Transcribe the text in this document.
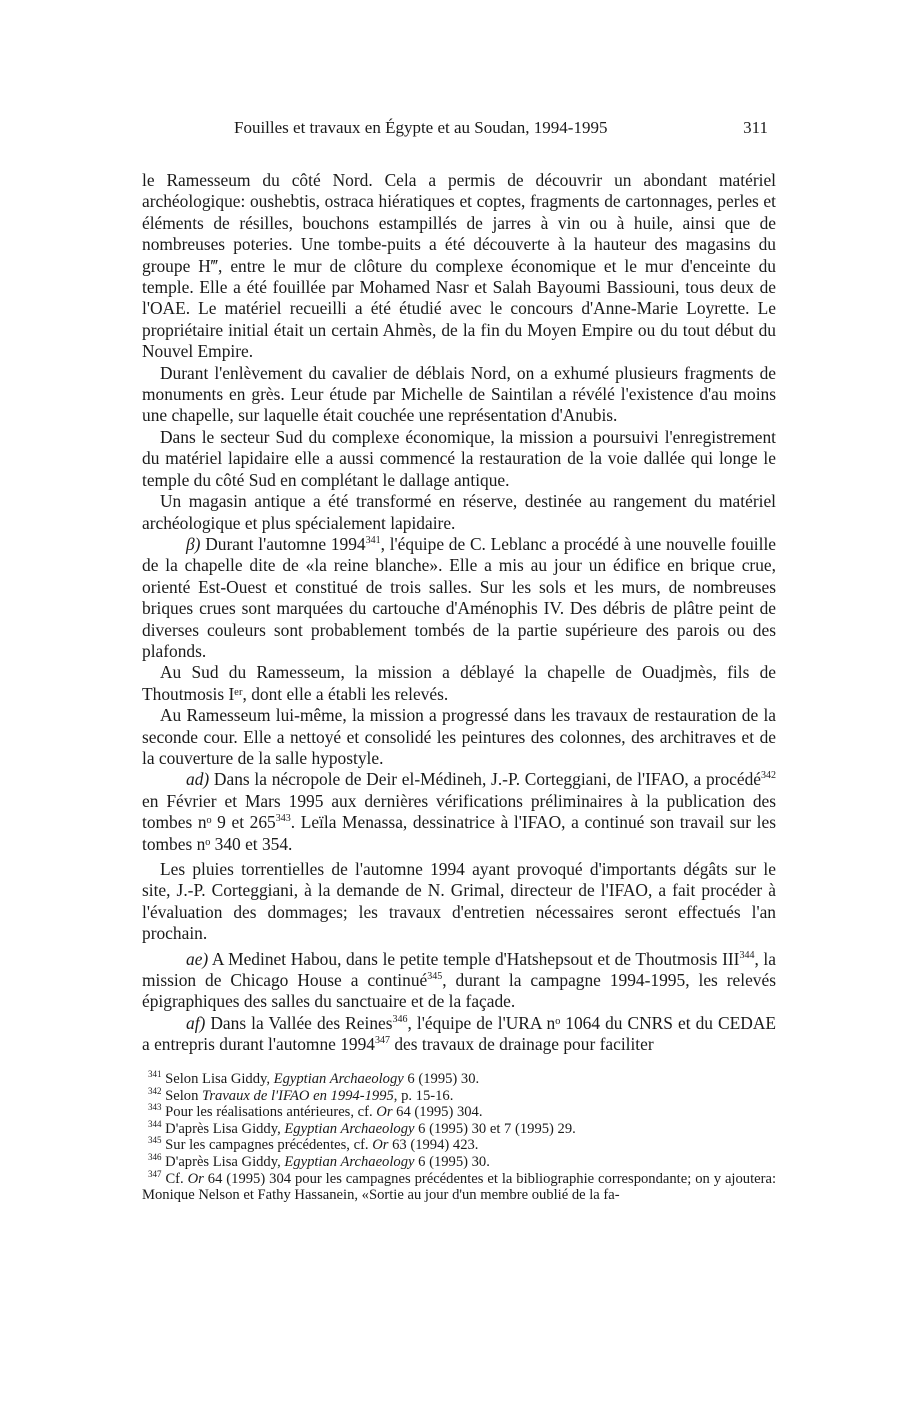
Fouilles et travaux en Égypte et au Soudan, 1994-1995	311

le Ramesseum du côté Nord. Cela a permis de découvrir un abondant matériel archéologique: oushebtis, ostraca hiératiques et coptes, fragments de cartonnages, perles et éléments de résilles, bouchons estampillés de jarres à vin ou à huile, ainsi que de nombreuses poteries. Une tombe-puits a été découverte à la hauteur des magasins du groupe H‴, entre le mur de clôture du complexe économique et le mur d'enceinte du temple. Elle a été fouillée par Mohamed Nasr et Salah Bayoumi Bassiouni, tous deux de l'OAE. Le matériel recueilli a été étudié avec le concours d'Anne-Marie Loyrette. Le propriétaire initial était un certain Ahmès, de la fin du Moyen Empire ou du tout début du Nouvel Empire.

Durant l'enlèvement du cavalier de déblais Nord, on a exhumé plusieurs fragments de monuments en grès. Leur étude par Michelle de Saintilan a révélé l'existence d'au moins une chapelle, sur laquelle était couchée une représentation d'Anubis.

Dans le secteur Sud du complexe économique, la mission a poursuivi l'enregistrement du matériel lapidaire elle a aussi commencé la restauration de la voie dallée qui longe le temple du côté Sud en complétant le dallage antique.

Un magasin antique a été transformé en réserve, destinée au rangement du matériel archéologique et plus spécialement lapidaire.

β) Durant l'automne 1994$^{341}$, l'équipe de C. Leblanc a procédé à une nouvelle fouille de la chapelle dite de «la reine blanche». Elle a mis au jour un édifice en brique crue, orienté Est-Ouest et constitué de trois salles. Sur les sols et les murs, de nombreuses briques crues sont marquées du cartouche d'Aménophis IV. Des débris de plâtre peint de diverses couleurs sont probablement tombés de la partie supérieure des parois ou des plafonds.

Au Sud du Ramesseum, la mission a déblayé la chapelle de Ouadjmès, fils de Thoutmosis Iᵉʳ, dont elle a établi les relevés.

Au Ramesseum lui-même, la mission a progressé dans les travaux de restauration de la seconde cour. Elle a nettoyé et consolidé les peintures des colonnes, des architraves et de la couverture de la salle hypostyle.

ad) Dans la nécropole de Deir el-Médineh, J.-P. Corteggiani, de l'IFAO, a procédé$^{342}$ en Février et Mars 1995 aux dernières vérifications préliminaires à la publication des tombes nᵒ 9 et $265^{343}$. Leïla Menassa, dessinatrice à l'IFAO, a continué son travail sur les tombes nᵒ 340 et 354.

Les pluies torrentielles de l'automne 1994 ayant provoqué d'importants dégâts sur le site, J.-P. Corteggiani, à la demande de N. Grimal, directeur de l'IFAO, a fait procéder à l'évaluation des dommages; les travaux d'entretien nécessaires seront effectués l'an prochain.

ae) A Medinet Habou, dans le petite temple d'Hatshepsout et de Thoutmosis III$^{344}$, la mission de Chicago House a continué$^{345}$, durant la campagne 1994-1995, les relevés épigraphiques des salles du sanctuaire et de la façade.

af) Dans la Vallée des Reines$^{346}$, l'équipe de l'URA nᵒ 1064 du CNRS et du CEDAE a entrepris durant l'automne 1994$^{347}$ des travaux de drainage pour faciliter

$^{341}$ Selon Lisa Giddy, Egyptian Archaeology 6 (1995) 30.

$^{342}$ Selon Travaux de l'IFAO en 1994-1995, p. 15-16.

$^{343}$ Pour les réalisations antérieures, cf. Or 64 (1995) 304.

$^{344}$ D'après Lisa Giddy, Egyptian Archaeology 6 (1995) 30 et 7 (1995) 29.

$^{345}$ Sur les campagnes précédentes, cf. Or 63 (1994) 423.

$^{346}$ D'après Lisa Giddy, Egyptian Archaeology 6 (1995) 30.

$^{347}$ Cf. Or 64 (1995) 304 pour les campagnes précédentes et la bibliographie correspondante; on y ajoutera: Monique Nelson et Fathy Hassanein, «Sortie au jour d'un membre oublié de la fa-
